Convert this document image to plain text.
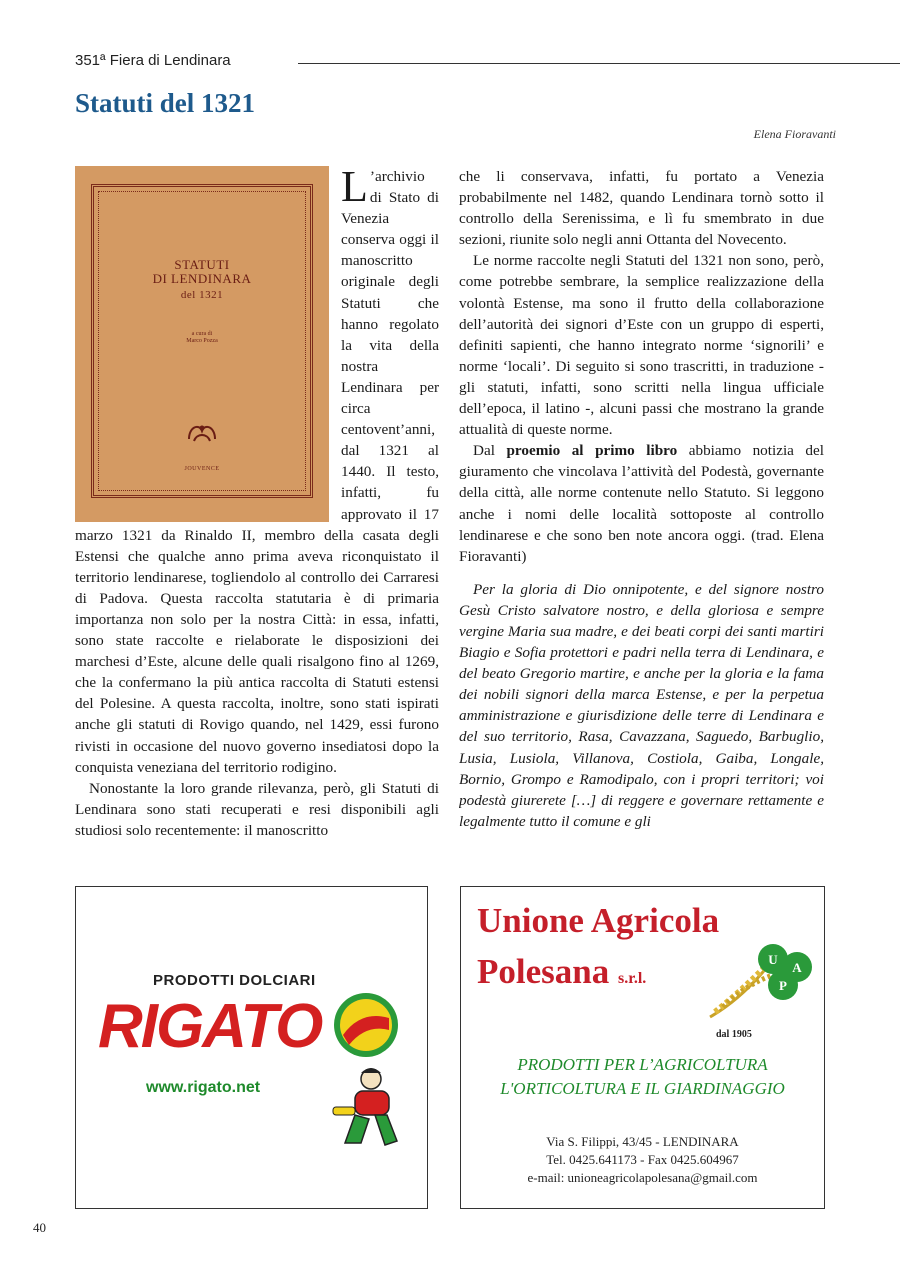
351ª Fiera di Lendinara
Statuti del 1321
Elena Fioravanti
STATUTI
DI LENDINARA
del 1321
a cura di
Marco Pozza
JOUVENCE

L ’archivio di Stato di Venezia conserva oggi il manoscritto originale degli Statuti che hanno regolato la vita della nostra Lendinara per circa centovent’anni, dal 1321 al 1440. Il testo, infatti, fu approvato il 17 marzo 1321 da Rinaldo II, membro della casata degli Estensi che qualche anno prima aveva riconquistato il territorio lendinarese, togliendolo al controllo dei Carraresi di Padova. Questa raccolta statutaria è di primaria importanza non solo per la nostra Città: in essa, infatti, sono state raccolte e rielaborate le disposizioni dei marchesi d’Este, alcune delle quali risalgono fino al 1269, che la confermano la più antica raccolta di Statuti estensi del Polesine. A questa raccolta, inoltre, sono stati ispirati anche gli statuti di Rovigo quando, nel 1429, essi furono rivisti in occasione del nuovo governo insediatosi dopo la conquista veneziana del territorio rodigino.

Nonostante la loro grande rilevanza, però, gli Statuti di Lendinara sono stati recuperati e resi disponibili agli studiosi solo recentemente: il manoscritto

che li conservava, infatti, fu portato a Venezia probabilmente nel 1482, quando Lendinara tornò sotto il controllo della Serenissima, e lì fu smembrato in due sezioni, riunite solo negli anni Ottanta del Novecento.

Le norme raccolte negli Statuti del 1321 non sono, però, come potrebbe sembrare, la semplice realizzazione della volontà Estense, ma sono il frutto della collaborazione dell’autorità dei signori d’Este con un gruppo di esperti, definiti sapienti, che hanno integrato norme ‘signorili’ e norme ‘locali’. Di seguito si sono trascritti, in traduzione - gli statuti, infatti, sono scritti nella lingua ufficiale dell’epoca, il latino -, alcuni passi che mostrano la grande attualità di queste norme.

Dal proemio al primo libro abbiamo notizia del giuramento che vincolava l’attività del Podestà, governante della città, alle norme contenute nello Statuto. Si leggono anche i nomi delle località sottoposte al controllo lendinarese e che sono ben note ancora oggi. (trad. Elena Fioravanti)

Per la gloria di Dio onnipotente, e del signore nostro Gesù Cristo salvatore nostro, e della gloriosa e sempre vergine Maria sua madre, e dei beati corpi dei santi martiri Biagio e Sofia protettori e padri nella terra di Lendinara, e del beato Gregorio martire, e anche per la gloria e la fama dei nobili signori della marca Estense, e per la perpetua amministrazione e giurisdizione delle terre di Lendinara e del suo territorio, Rasa, Cavazzana, Saguedo, Barbuglio, Lusia, Lusiola, Villanova, Costiola, Gaiba, Longale, Bornio, Grompo e Ramodipalo, con i propri territori; voi podestà giurerete […] di reggere e governare rettamente e legalmente tutto il comune e gli

PRODOTTI DOLCIARI
RIGATO
www.rigato.net
Unione Agricola
Polesana s.r.l.
U
A
P
dal 1905
PRODOTTI PER L’AGRICOLTURA
L'ORTICOLTURA E IL GIARDINAGGIO
Via S. Filippi, 43/45 - LENDINARA
Tel. 0425.641173 - Fax 0425.604967
e-mail: unioneagricolapolesana@gmail.com
40
